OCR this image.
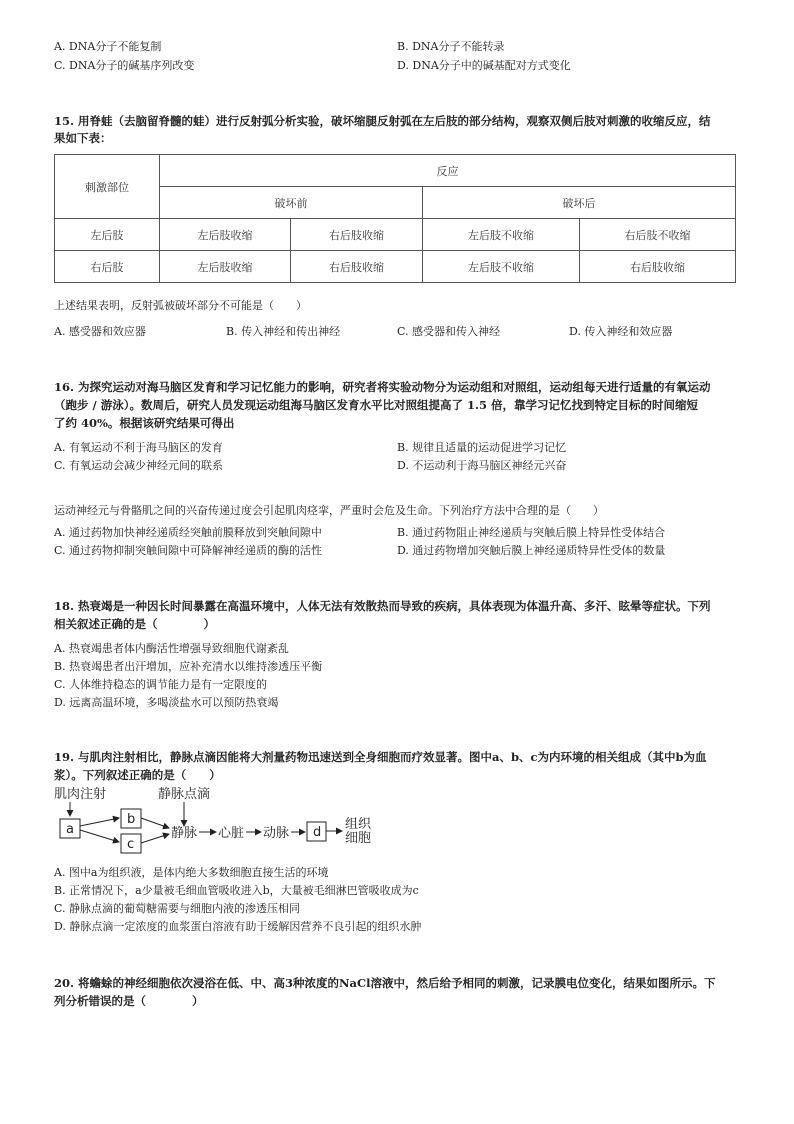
A. DNA分子不能复制	B. DNA分子不能转录
C. DNA分子的碱基序列改变	D. DNA分子中的碱基配对方式变化
15. 用脊蛙（去脑留脊髓的蛙）进行反射弧分析实验，破坏缩腿反射弧在左后肢的部分结构，观察双侧后肢对刺激的收缩反应，结
果如下表：
刺激部位	反应			
	破坏前		破坏后	
左后肢	左后肢收缩	右后肢收缩	左后肢不收缩	右后肢不收缩
右后肢	左后肢收缩	右后肢收缩	左后肢不收缩	右后肢收缩
上述结果表明，反射弧被破坏部分不可能是（　　）
A. 感受器和效应器	B. 传入神经和传出神经	C. 感受器和传入神经	D. 传入神经和效应器
16. 为探究运动对海马脑区发育和学习记忆能力的影响，研究者将实验动物分为运动组和对照组，运动组每天进行适量的有氧运动
（跑步 / 游泳）。数周后，研究人员发现运动组海马脑区发育水平比对照组提高了 1.5 倍，靠学习记忆找到特定目标的时间缩短
了约 40%。根据该研究结果可得出
A. 有氧运动不利于海马脑区的发育	B. 规律且适量的运动促进学习记忆
C. 有氧运动会减少神经元间的联系	D. 不运动利于海马脑区神经元兴奋
运动神经元与骨骼肌之间的兴奋传递过度会引起肌肉痉挛，严重时会危及生命。下列治疗方法中合理的是（　　）
A. 通过药物加快神经递质经突触前膜释放到突触间隙中	B. 通过药物阻止神经递质与突触后膜上特异性受体结合
C. 通过药物抑制突触间隙中可降解神经递质的酶的活性	D. 通过药物增加突触后膜上神经递质特异性受体的数量
18. 热衰竭是一种因长时间暴露在高温环境中，人体无法有效散热而导致的疾病，具体表现为体温升高、多汗、眩晕等症状。下列
相关叙述正确的是（　　　　）
A. 热衰竭患者体内酶活性增强导致细胞代谢紊乱
B. 热衰竭患者出汗增加，应补充清水以维持渗透压平衡
C. 人体维持稳态的调节能力是有一定限度的
D. 远离高温环境，多喝淡盐水可以预防热衰竭
19. 与肌肉注射相比，静脉点滴因能将大剂量药物迅速送到全身细胞而疗效显著。图中a、b、c为内环境的相关组成（其中b为血
浆）。下列叙述正确的是（　　）
肌肉注射	静脉点滴
a
b
c
静脉 心脏 动脉 d
组织
细胞
A. 图中a为组织液，是体内绝大多数细胞直接生活的环境
B. 正常情况下，a少量被毛细血管吸收进入b，大量被毛细淋巴管吸收成为c
C. 静脉点滴的葡萄糖需要与细胞内液的渗透压相同
D. 静脉点滴一定浓度的血浆蛋白溶液有助于缓解因营养不良引起的组织水肿
20. 将蟾蜍的神经细胞依次浸浴在低、中、高3种浓度的NaCl溶液中，然后给予相同的刺激，记录膜电位变化，结果如图所示。下
列分析错误的是（　　　　）
